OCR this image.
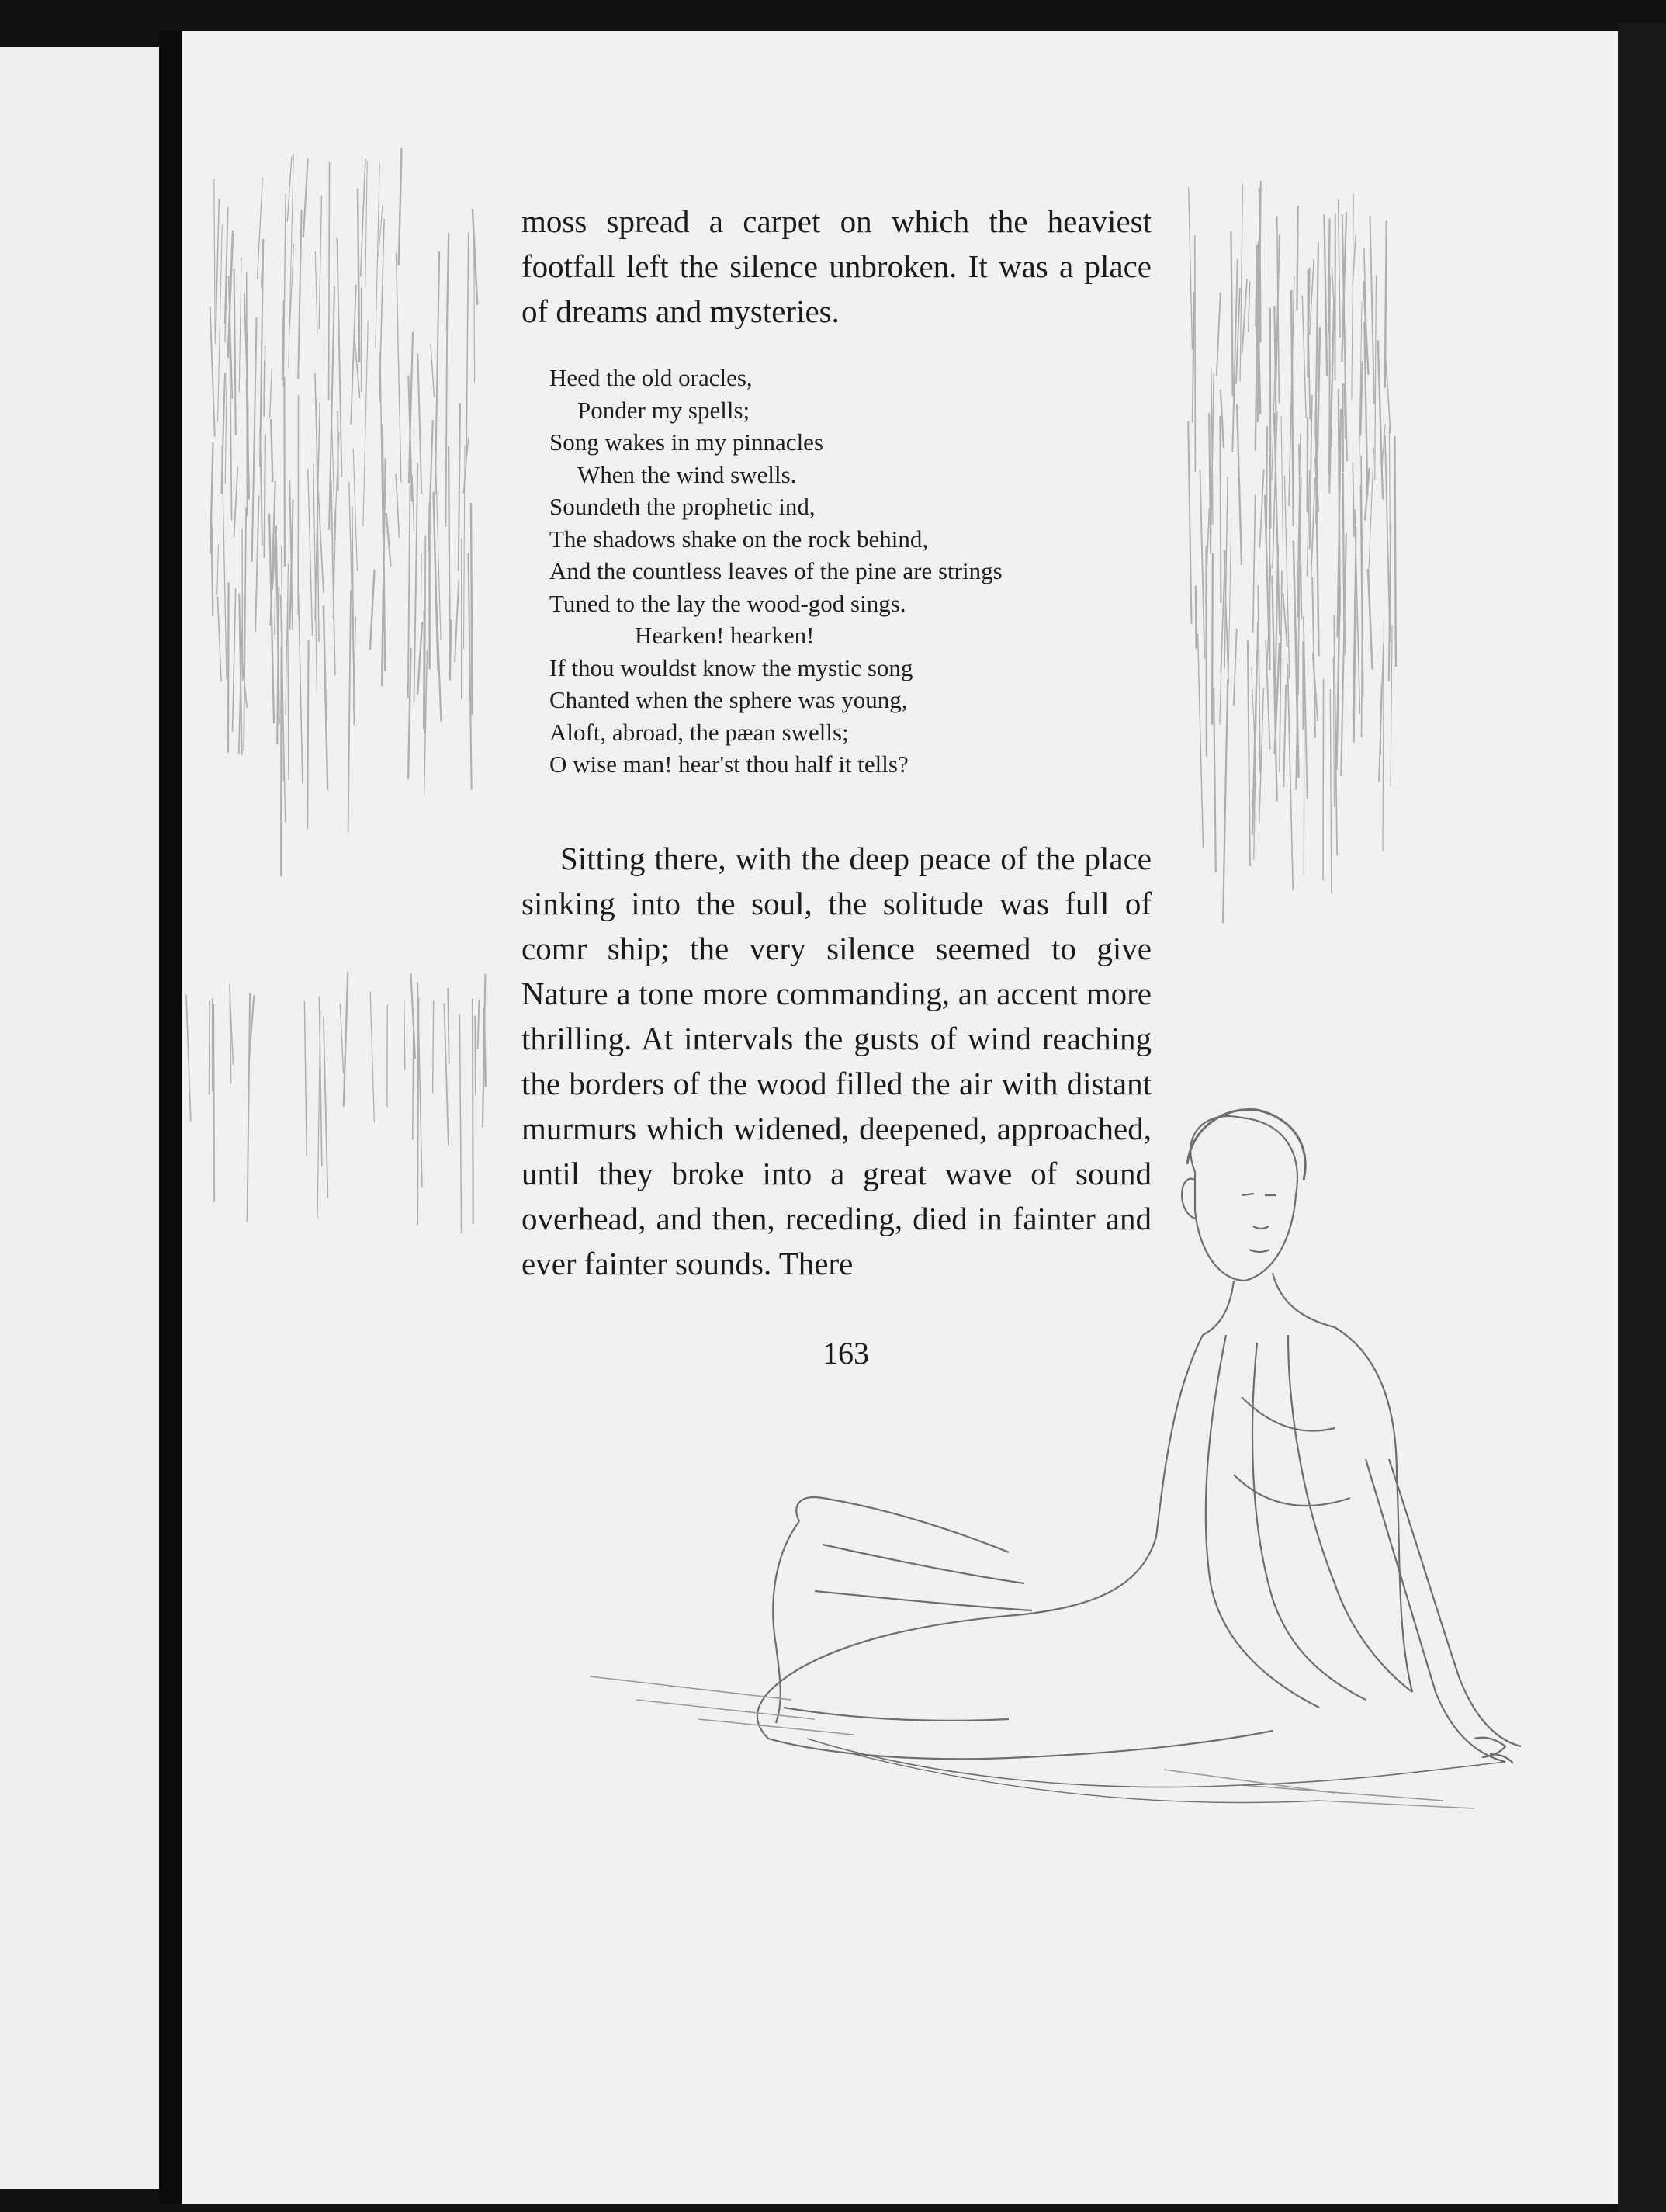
moss spread a carpet on which the heaviest footfall left the silence unbroken. It was a place of dreams and mysteries.

Heed the old oracles,
Ponder my spells;
Song wakes in my pinnacles
When the wind swells.
Soundeth the prophetic ind,
The shadows shake on the rock behind,
And the countless leaves of the pine are strings
Tuned to the lay the wood-god sings.
Hearken! hearken!
If thou wouldst know the mystic song
Chanted when the sphere was young,
Aloft, abroad, the pæan swells;
O wise man! hear'st thou half it tells?

Sitting there, with the deep peace of the place sinking into the soul, the solitude was full of comr ship; the very silence seemed to give Nature a tone more commanding, an accent more thrilling. At intervals the gusts of wind reaching the borders of the wood filled the air with distant murmurs which widened, deepened, approached, until they broke into a great wave of sound overhead, and then, receding, died in fainter and ever fainter sounds. There

163
